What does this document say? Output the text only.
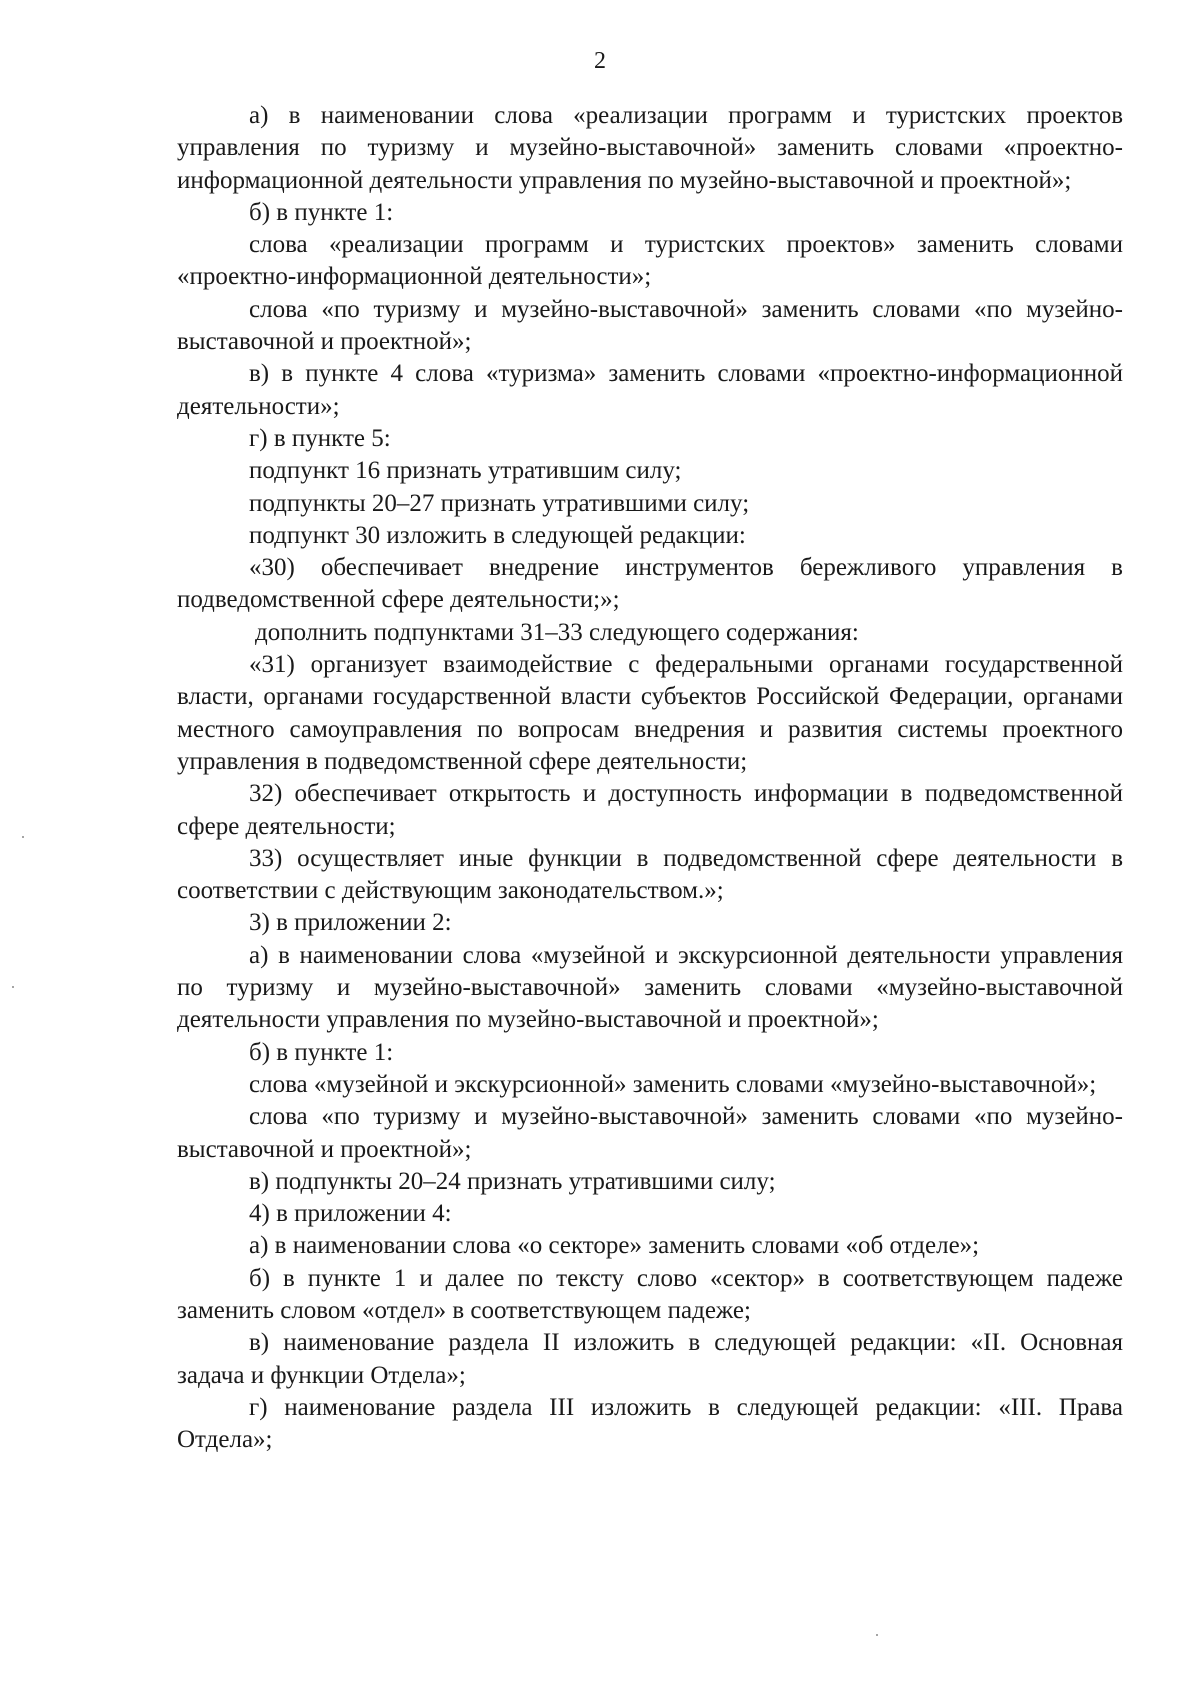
2

а) в наименовании слова «реализации программ и туристских проектов управления по туризму и музейно-выставочной» заменить словами «проектно-информационной деятельности управления по музейно-выставочной и проектной»;

б) в пункте 1:

слова «реализации программ и туристских проектов» заменить словами «проектно-информационной деятельности»;

слова «по туризму и музейно-выставочной» заменить словами «по музейно-выставочной и проектной»;

в) в пункте 4 слова «туризма» заменить словами «проектно-информационной деятельности»;

г) в пункте 5:

подпункт 16 признать утратившим силу;

подпункты 20–27 признать утратившими силу;

подпункт 30 изложить в следующей редакции:

«30) обеспечивает внедрение инструментов бережливого управления в подведомственной сфере деятельности;»;

дополнить подпунктами 31–33 следующего содержания:

«31) организует взаимодействие с федеральными органами государственной власти, органами государственной власти субъектов Российской Федерации, органами местного самоуправления по вопросам внедрения и развития системы проектного управления в подведомственной сфере деятельности;

32) обеспечивает открытость и доступность информации в подведомственной сфере деятельности;

33) осуществляет иные функции в подведомственной сфере деятельности в соответствии с действующим законодательством.»;

3) в приложении 2:

а) в наименовании слова «музейной и экскурсионной деятельности управления по туризму и музейно-выставочной» заменить словами «музейно-выставочной деятельности управления по музейно-выставочной и проектной»;

б) в пункте 1:

слова «музейной и экскурсионной» заменить словами «музейно-выставочной»;

слова «по туризму и музейно-выставочной» заменить словами «по музейно-выставочной и проектной»;

в) подпункты 20–24 признать утратившими силу;

4) в приложении 4:

а) в наименовании слова «о секторе» заменить словами «об отделе»;

б) в пункте 1 и далее по тексту слово «сектор» в соответствующем падеже заменить словом «отдел» в соответствующем падеже;

в) наименование раздела II изложить в следующей редакции: «II. Основная задача и функции Отдела»;

г) наименование раздела III изложить в следующей редакции: «III. Права Отдела»;
